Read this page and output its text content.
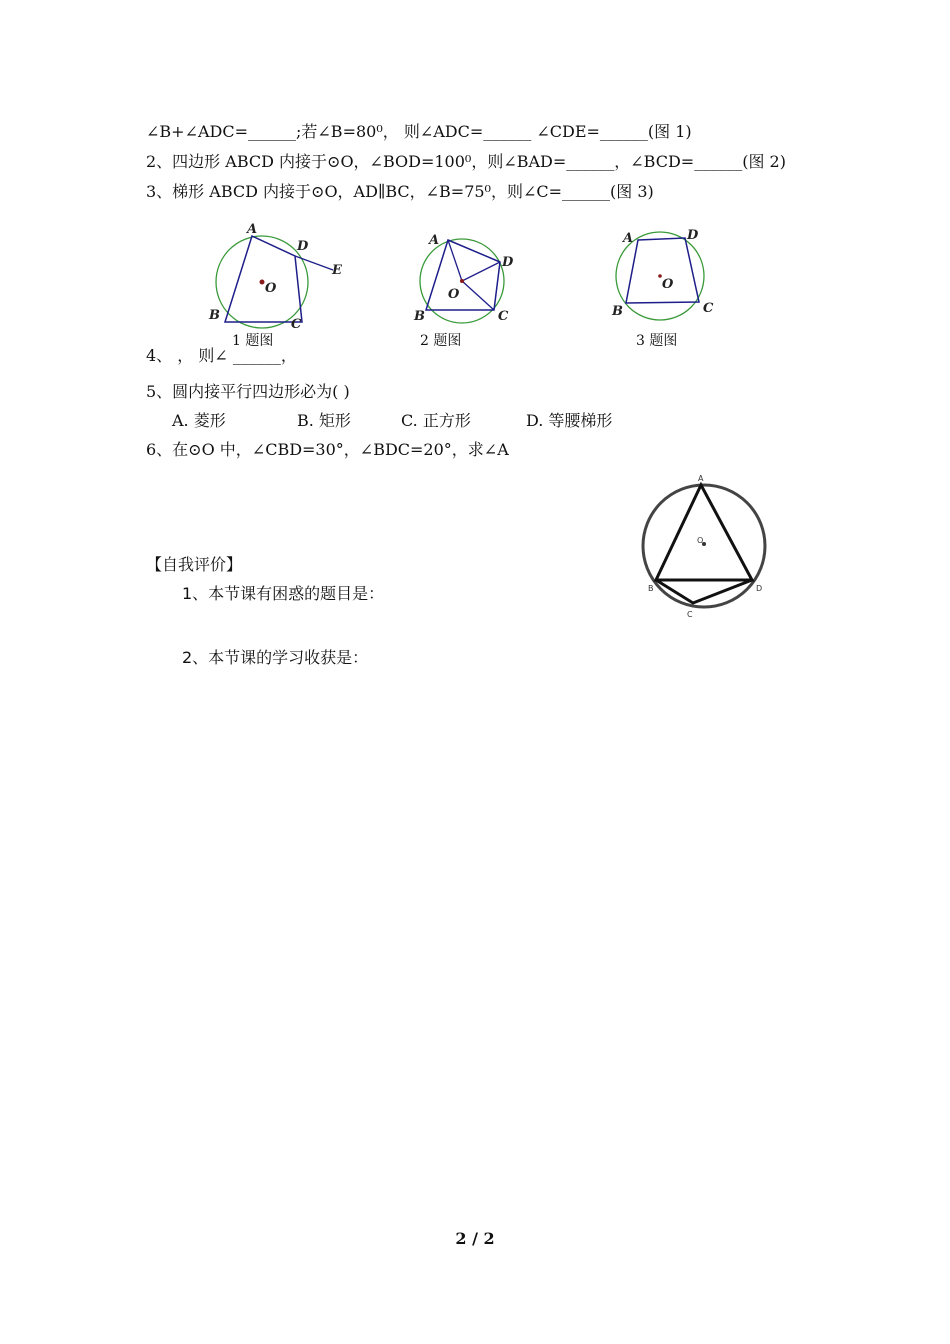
∠B+∠ADC=______;若∠B=80⁰， 则∠ADC=______ ∠CDE=______(图 1)
2、四边形 ABCD 内接于⊙O，∠BOD=100⁰，则∠BAD=______，∠BCD=______(图 2)
3、梯形 ABCD 内接于⊙O，AD∥BC，∠B=75⁰，则∠C=______(图 3)
A
D
E
O
B
C
1 题图
A
D
O
B	C
2 题图
A	D
O
B	C
3 题图
4、 ， 则∠ ______，
5、圆内接平行四边形必为( )
A. 菱形	B. 矩形	C. 正方形	D. 等腰梯形
6、在⊙O 中，∠CBD=30°，∠BDC=20°，求∠A
A
O
B
C
D
【自我评价】
1、本节课有困惑的题目是：
2、本节课的学习收获是：
2 / 2
